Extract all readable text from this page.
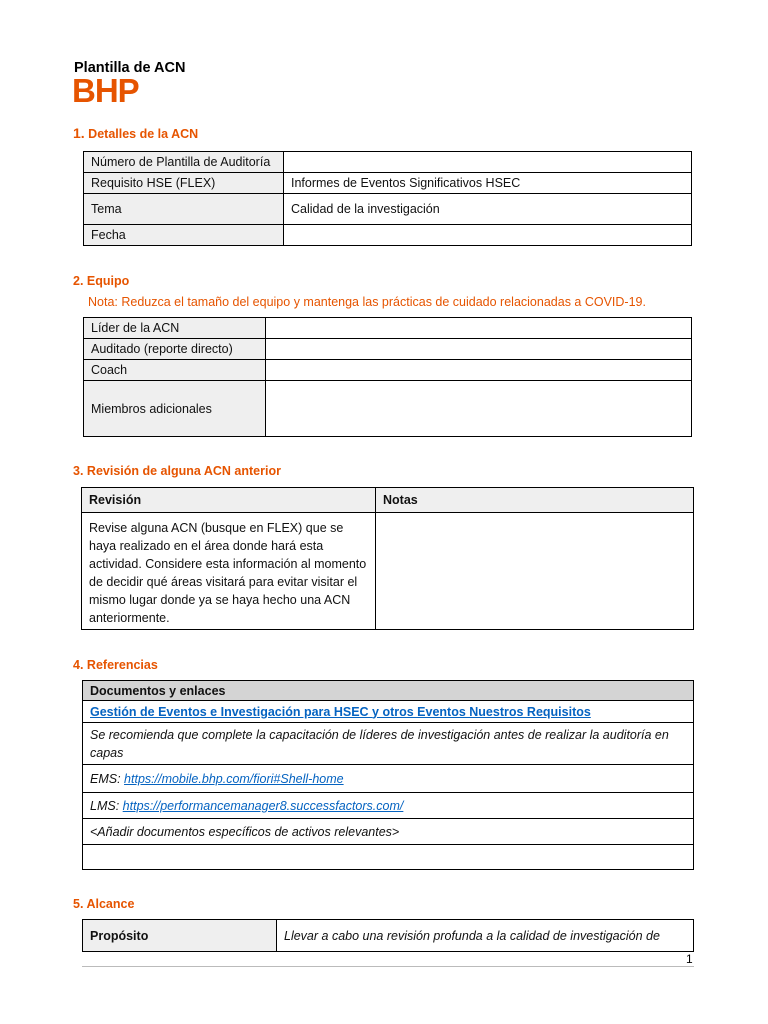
Plantilla de ACN
BHP
1. Detalles de la ACN
Número de Plantilla de Auditoría	
Requisito HSE (FLEX)	Informes de Eventos Significativos HSEC
Tema	Calidad de la investigación
Fecha	
2. Equipo
Nota: Reduzca el tamaño del equipo y mantenga las prácticas de cuidado relacionadas a COVID-19.
Líder de la ACN	
Auditado (reporte directo)	
Coach	
Miembros adicionales	
3. Revisión de alguna ACN anterior
Revisión	Notas
Revise alguna ACN (busque en FLEX) que se haya realizado en el área donde hará esta actividad. Considere esta información al momento de decidir qué áreas visitará para evitar visitar el mismo lugar donde ya se haya hecho una ACN anteriormente.	
4. Referencias
Documentos y enlaces
Gestión de Eventos e Investigación para HSEC y otros Eventos Nuestros Requisitos
Se recomienda que complete la capacitación de líderes de investigación antes de realizar la auditoría en capas
EMS: https://mobile.bhp.com/fiori#Shell-home
LMS: https://performancemanager8.successfactors.com/
<Añadir documentos específicos de activos relevantes>

5. Alcance
Propósito	Llevar a cabo una revisión profunda a la calidad de investigación de
1
